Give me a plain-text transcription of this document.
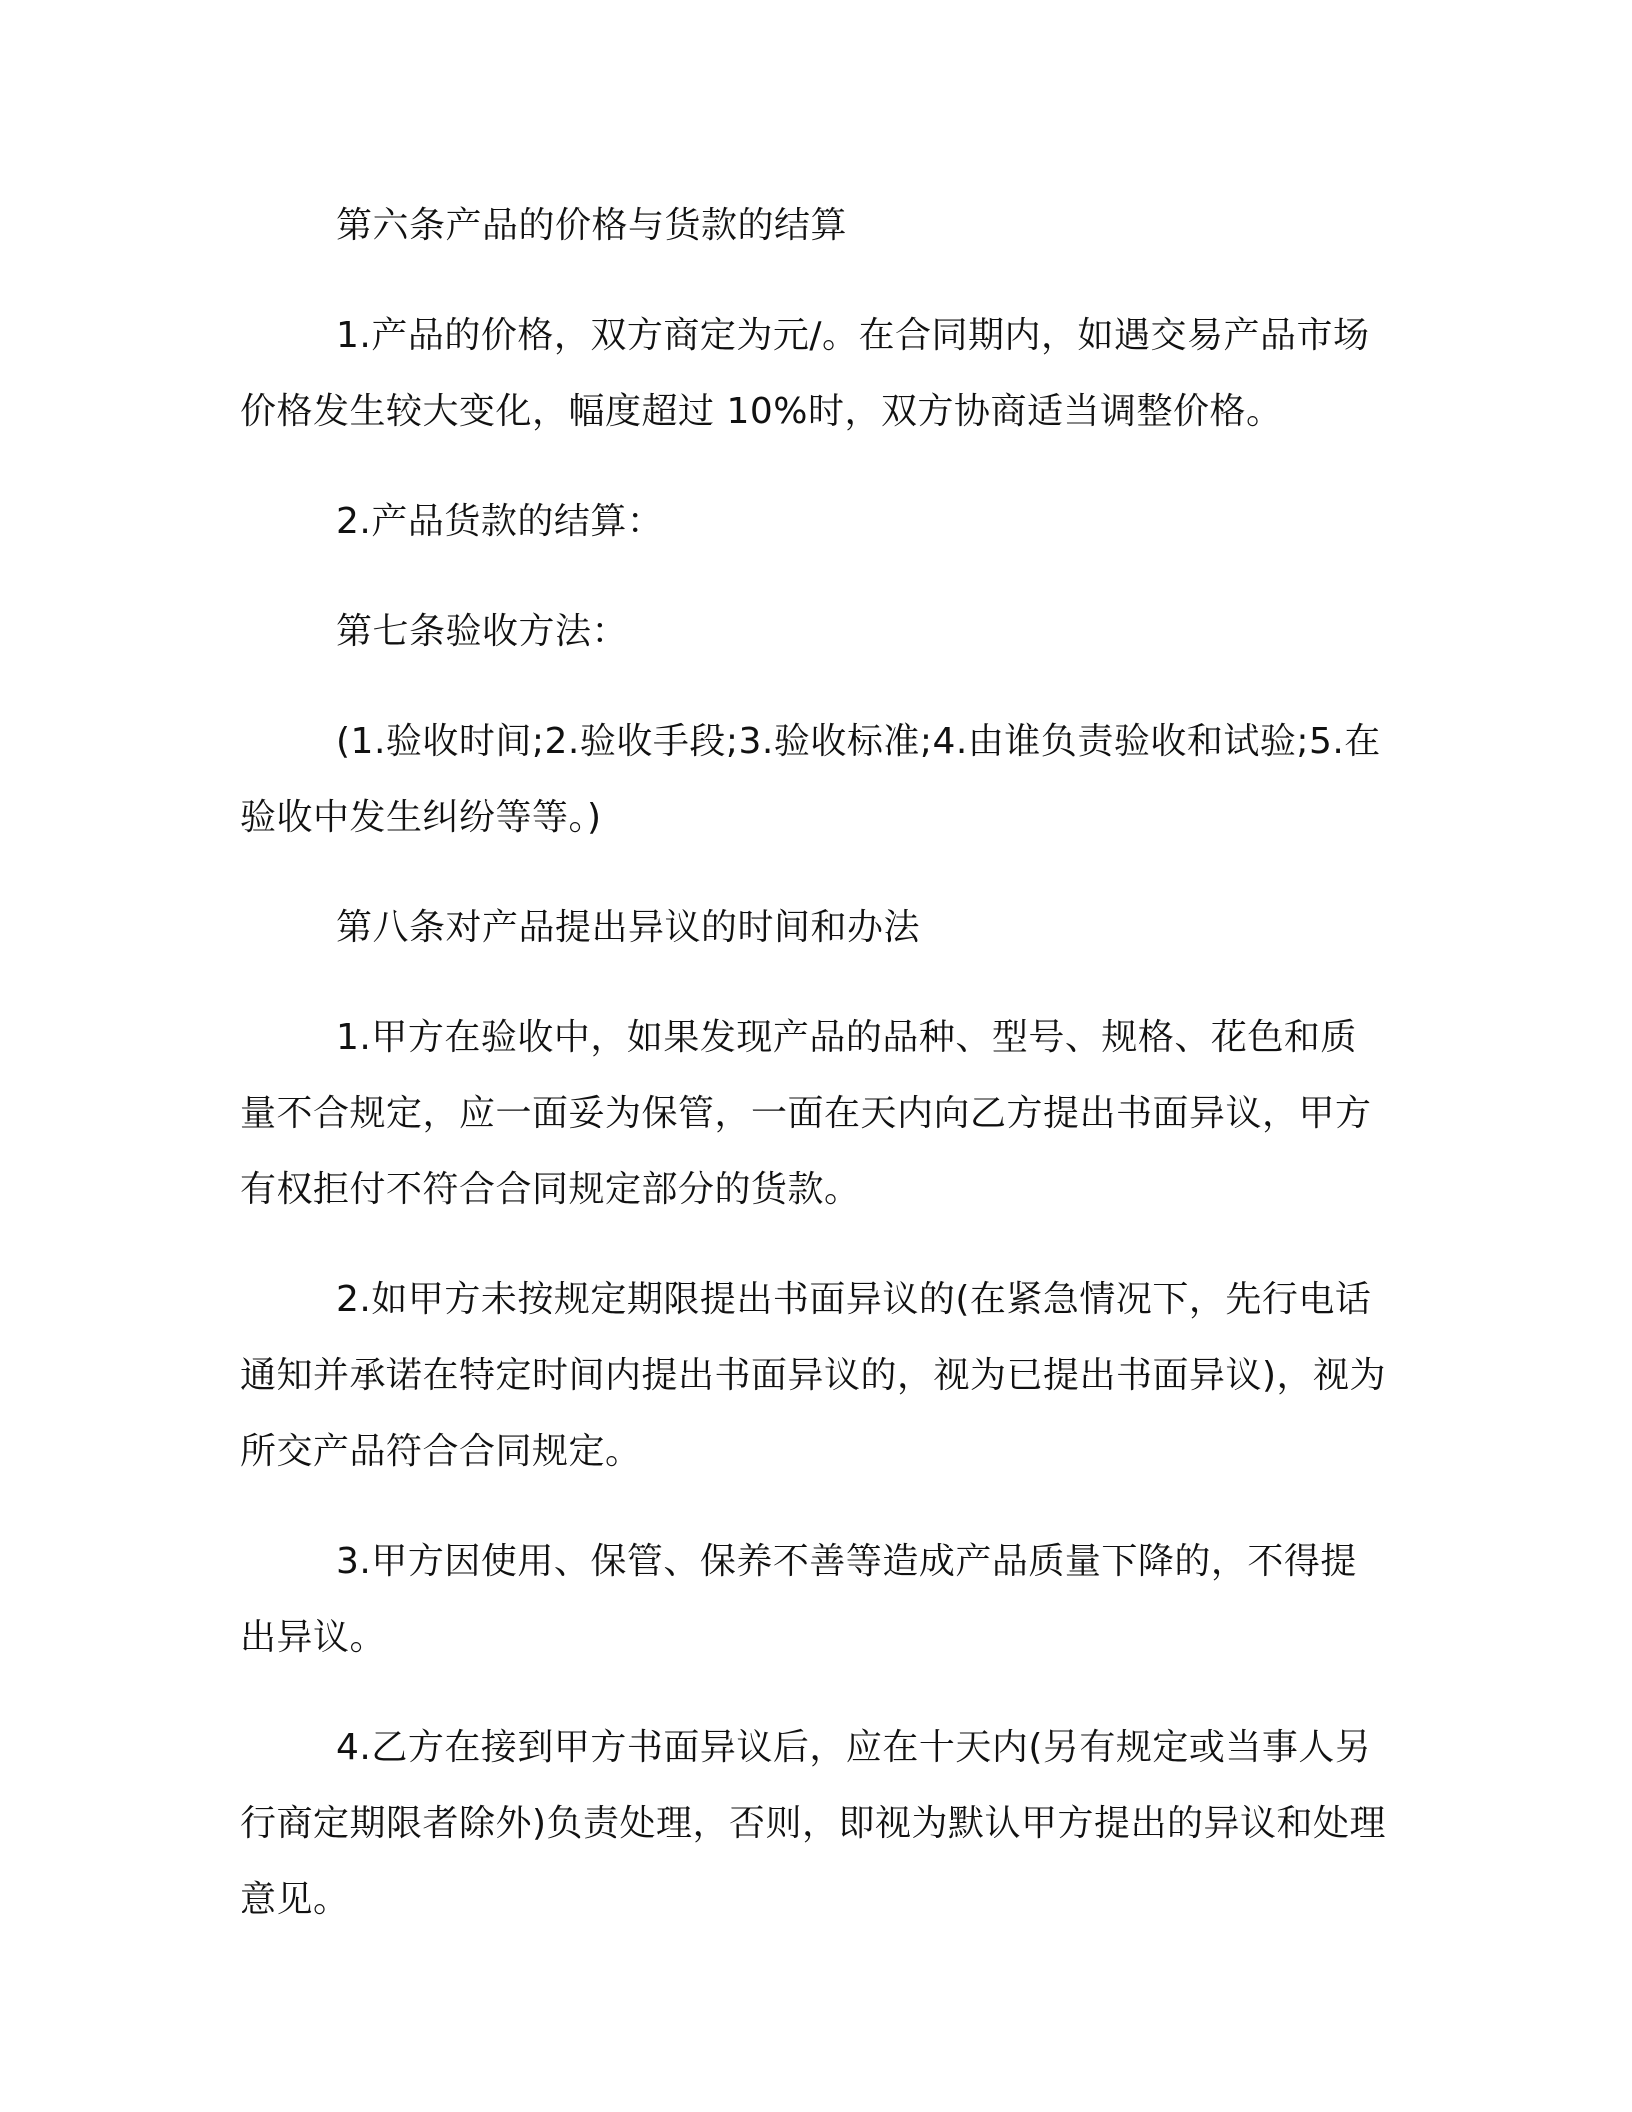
第六条产品的价格与货款的结算

1.产品的价格，双方商定为元/。在合同期内，如遇交易产品市场价格发生较大变化，幅度超过 10%时，双方协商适当调整价格。

2.产品货款的结算：

第七条验收方法：

(1.验收时间;2.验收手段;3.验收标准;4.由谁负责验收和试验;5.在验收中发生纠纷等等。)

第八条对产品提出异议的时间和办法

1.甲方在验收中，如果发现产品的品种、型号、规格、花色和质量不合规定，应一面妥为保管，一面在天内向乙方提出书面异议，甲方有权拒付不符合合同规定部分的货款。

2.如甲方未按规定期限提出书面异议的(在紧急情况下，先行电话通知并承诺在特定时间内提出书面异议的，视为已提出书面异议)，视为所交产品符合合同规定。

3.甲方因使用、保管、保养不善等造成产品质量下降的，不得提出异议。

4.乙方在接到甲方书面异议后，应在十天内(另有规定或当事人另行商定期限者除外)负责处理，否则，即视为默认甲方提出的异议和处理意见。
